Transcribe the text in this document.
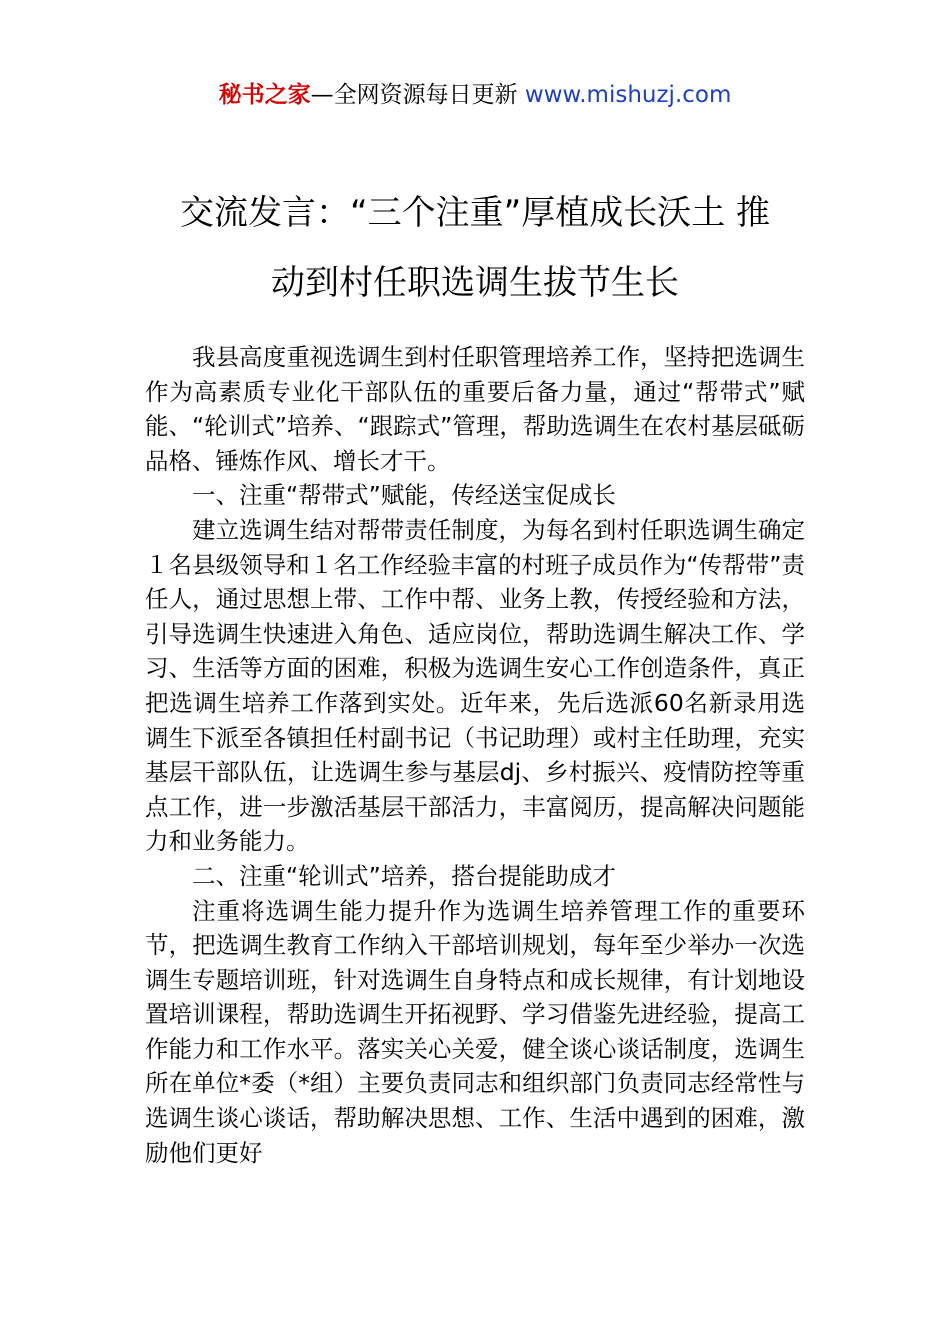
秘书之家—全网资源每日更新 www.mishuzj.com
交流发言：“三个注重”厚植成长沃土 推
动到村任职选调生拔节生长

我县高度重视选调生到村任职管理培养工作，坚持把选调生作为高素质专业化干部队伍的重要后备力量，通过“帮带式”赋能、“轮训式”培养、“跟踪式”管理，帮助选调生在农村基层砥砺品格、锤炼作风、增长才干。

一、注重“帮带式”赋能，传经送宝促成长

建立选调生结对帮带责任制度，为每名到村任职选调生确定１名县级领导和１名工作经验丰富的村班子成员作为“传帮带”责任人，通过思想上带、工作中帮、业务上教，传授经验和方法，引导选调生快速进入角色、适应岗位，帮助选调生解决工作、学习、生活等方面的困难，积极为选调生安心工作创造条件，真正把选调生培养工作落到实处。近年来，先后选派60名新录用选调生下派至各镇担任村副书记（书记助理）或村主任助理，充实基层干部队伍，让选调生参与基层dj、乡村振兴、疫情防控等重点工作，进一步激活基层干部活力，丰富阅历，提高解决问题能力和业务能力。

二、注重“轮训式”培养，搭台提能助成才

注重将选调生能力提升作为选调生培养管理工作的重要环节，把选调生教育工作纳入干部培训规划，每年至少举办一次选调生专题培训班，针对选调生自身特点和成长规律，有计划地设置培训课程，帮助选调生开拓视野、学习借鉴先进经验，提高工作能力和工作水平。落实关心关爱，健全谈心谈话制度，选调生所在单位*委（*组）主要负责同志和组织部门负责同志经常性与选调生谈心谈话，帮助解决思想、工作、生活中遇到的困难，激励他们更好
